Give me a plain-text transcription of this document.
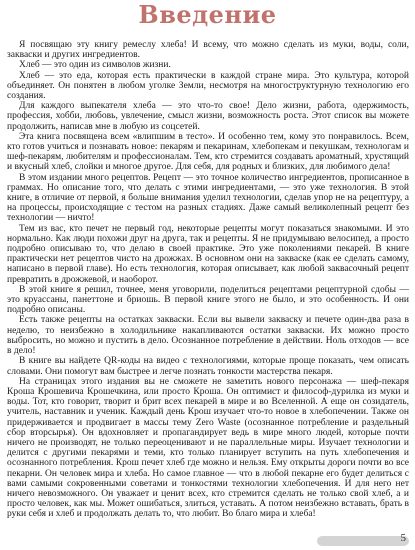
Введение

Я посвящаю эту книгу ремеслу хлеба! И всему, что можно сделать из муки, воды, соли, закваски и других ингредиентов.

Хлеб — это один из символов жизни.

Хлеб — это еда, которая есть практически в каждой стране мира. Это культура, которой объединяет. Он понятен в любом уголке Земли, несмотря на многоструктурную технологию его создания.

Для каждого выпекателя хлеба — это что-то свое! Дело жизни, работа, одержимость, профессия, хобби, любовь, увлечение, смысл жизни, возможность роста. Этот список вы можете продолжить, написав мне в любую из соцсетей.

Эта книга посвящена всем «влипшим в тесто». И особенно тем, кому это понравилось. Всем, кто готов учиться и познавать новое: пекарям и пекаринам, хлебопекам и пекушкам, технологам и шеф-пекарям, любителям и профессионалам. Тем, кто стремится создавать ароматный, хрустящий и вкусный хлеб, слойки и многое другое. Для себя, для родных и близких, для любимого дела!

В этом издании много рецептов. Рецепт — это точное количество ингредиентов, прописанное в граммах. Но описание того, что делать с этими ингредиентами, — это уже технология. В этой книге, в отличие от первой, я больше внимания уделил технологии, сделав упор не на рецептуру, а на процессы, происходящие с тестом на разных стадиях. Даже самый великолепный рецепт без технологии — ничто!

Тем из вас, кто печет не первый год, некоторые рецепты могут показаться знакомыми. И это нормально. Как люди похожи друг на друга, так и рецепты. Я не придумываю велосипед, а просто подробно описываю то, что делаю в своей практике. Это уже поколениями пекарей. В книге практически нет рецептов чисто на дрожжах. В основном они на закваске (как ее сделать самому, написано в первой главе). Но есть технология, которая описывает, как любой заквасочный рецепт превратить в дрожжевой, и наоборот.

В этой книге я решил, точнее, меня уговорили, поделиться рецептами рецептурной сдобы — это круассаны, панеттоне и бриошь. В первой книге этого не было, и это особенность. И они подробно описаны.

Есть также рецепты на остатках закваски. Если вы вывели закваску и печете один-два раза в неделю, то неизбежно в холодильнике накапливаются остатки закваски. Их можно просто выбросить, но можно и пустить в дело. Осознанное потребление в действии. Ноль отходов — все в дело!

В книге вы найдете QR-коды на видео с технологиями, которые проще показать, чем описать словами. Они помогут вам быстрее и легче познать тонкости мастерства пекаря.

На страницах этого издания вы не сможете не заметить нового персонажа — шеф-пекаря Кроша Крошевича Крошечкина, или просто Кроша. Он оптимист и философ-дурилка из муки и воды. Тот, кто говорит, творит и брит всех пекарей в мире и во Вселенной. А еще он созидатель, учитель, наставник и ученик. Каждый день Крош изучает что-то новое в хлебопечении. Также он придерживается и продвигает в массы тему Zero Waste (осознанное потребление и раздельный сбор вторсырья). Он вдохновляет и пропагандирует ведь в мире много людей, которые почти ничего не производят, не только переоценивают и не параллельные миры. Изучает технологии и делится с другими пекарями и теми, кто только планирует вступить на путь хлебопечения и осознанного потребления. Крош печет хлеб где можно и нельзя. Ему открыты дороги почти во все пекарни. Он человек мира и хлеба. Но самое главное — что в любой пекарне его будет делиться с вами самыми сокровенными советами и тонкостями технологии хлебопечения. И для него нет ничего невозможного. Он уважает и ценит всех, кто стремится сделать не только свой хлеб, а и просто человек, как мы. Может ошибаться, злиться, уставать. А потом неизбежно вставать, брать в руки себя и хлеб и продолжать делать то, что любит. Во благо мира и хлеба!

5
